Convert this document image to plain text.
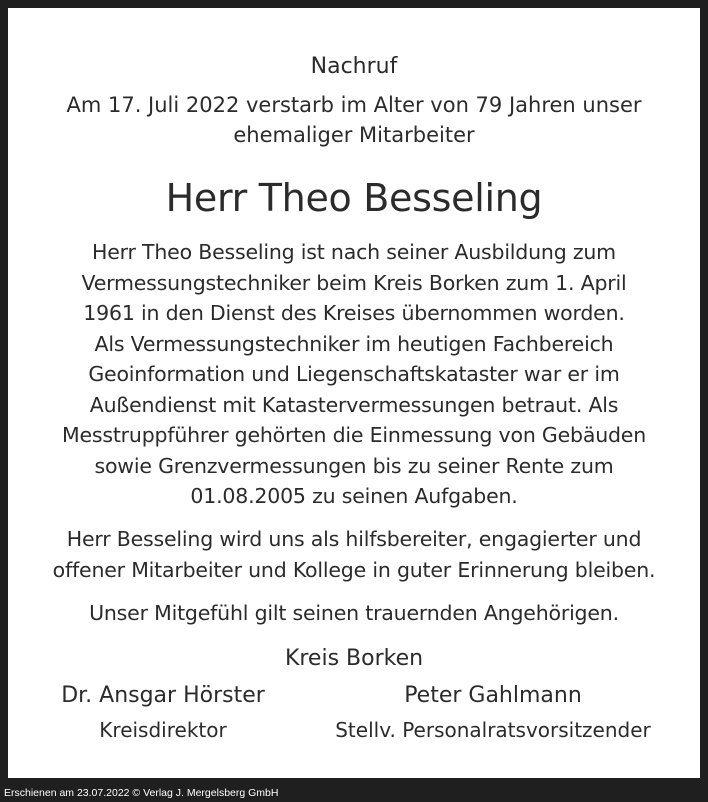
Nachruf
Am 17. Juli 2022 verstarb im Alter von 79 Jahren unser
ehemaliger Mitarbeiter
Herr Theo Besseling
Herr Theo Besseling ist nach seiner Ausbildung zum
Vermessungstechniker beim Kreis Borken zum 1. April
1961 in den Dienst des Kreises übernommen worden.
Als Vermessungstechniker im heutigen Fachbereich
Geoinformation und Liegenschaftskataster war er im
Außendienst mit Katastervermessungen betraut. Als
Messtruppführer gehörten die Einmessung von Gebäuden
sowie Grenzvermessungen bis zu seiner Rente zum
01.08.2005 zu seinen Aufgaben.
Herr Besseling wird uns als hilfsbereiter, engagierter und
offener Mitarbeiter und Kollege in guter Erinnerung bleiben.
Unser Mitgefühl gilt seinen trauernden Angehörigen.
Kreis Borken
Dr. Ansgar Hörster
Kreisdirektor
Peter Gahlmann
Stellv. Personalratsvorsitzender
Erschienen am 23.07.2022 © Verlag J. Mergelsberg GmbH
